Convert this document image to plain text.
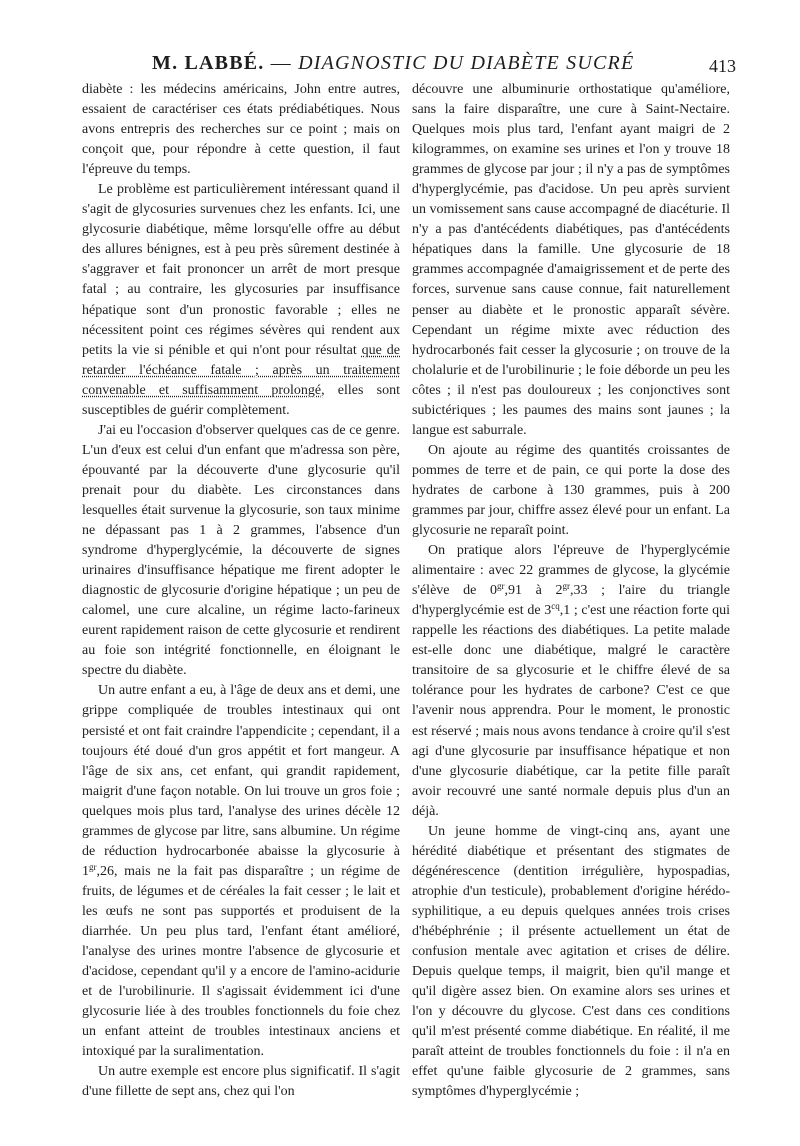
M. LABBÉ. — DIAGNOSTIC DU DIABÈTE SUCRÉ	413

diabète : les médecins américains, John entre autres, essaient de caractériser ces états prédiabétiques. Nous avons entrepris des recherches sur ce point ; mais on conçoit que, pour répondre à cette question, il faut l'épreuve du temps.

Le problème est particulièrement intéressant quand il s'agit de glycosuries survenues chez les enfants. Ici, une glycosurie diabétique, même lorsqu'elle offre au début des allures bénignes, est à peu près sûrement destinée à s'aggraver et fait prononcer un arrêt de mort presque fatal ; au contraire, les glycosuries par insuffisance hépatique sont d'un pronostic favorable ; elles ne nécessitent point ces régimes sévères qui rendent aux petits la vie si pénible et qui n'ont pour résultat que de retarder l'échéance fatale ; après un traitement convenable et suffisamment prolongé, elles sont susceptibles de guérir complètement.

J'ai eu l'occasion d'observer quelques cas de ce genre. L'un d'eux est celui d'un enfant que m'adressa son père, épouvanté par la découverte d'une glycosurie qu'il prenait pour du diabète. Les circonstances dans lesquelles était survenue la glycosurie, son taux minime ne dépassant pas 1 à 2 grammes, l'absence d'un syndrome d'hyperglycémie, la découverte de signes urinaires d'insuffisance hépatique me firent adopter le diagnostic de glycosurie d'origine hépatique ; un peu de calomel, une cure alcaline, un régime lacto-farineux eurent rapidement raison de cette glycosurie et rendirent au foie son intégrité fonctionnelle, en éloignant le spectre du diabète.

Un autre enfant a eu, à l'âge de deux ans et demi, une grippe compliquée de troubles intestinaux qui ont persisté et ont fait craindre l'appendicite ; cependant, il a toujours été doué d'un gros appétit et fort mangeur. A l'âge de six ans, cet enfant, qui grandit rapidement, maigrit d'une façon notable. On lui trouve un gros foie ; quelques mois plus tard, l'analyse des urines décèle 12 grammes de glycose par litre, sans albumine. Un régime de réduction hydrocarbonée abaisse la glycosurie à $1^{gr},26$, mais ne la fait pas disparaître ; un régime de fruits, de légumes et de céréales la fait cesser ; le lait et les œufs ne sont pas supportés et produisent de la diarrhée. Un peu plus tard, l'enfant étant amélioré, l'analyse des urines montre l'absence de glycosurie et d'acidose, cependant qu'il y a encore de l'amino-acidurie et de l'urobilinurie. Il s'agissait évidemment ici d'une glycosurie liée à des troubles fonctionnels du foie chez un enfant atteint de troubles intestinaux anciens et intoxiqué par la suralimentation.

Un autre exemple est encore plus significatif. Il s'agit d'une fillette de sept ans, chez qui l'on

découvre une albuminurie orthostatique qu'améliore, sans la faire disparaître, une cure à Saint-Nectaire. Quelques mois plus tard, l'enfant ayant maigri de 2 kilogrammes, on examine ses urines et l'on y trouve 18 grammes de glycose par jour ; il n'y a pas de symptômes d'hyperglycémie, pas d'acidose. Un peu après survient un vomissement sans cause accompagné de diacéturie. Il n'y a pas d'antécédents diabétiques, pas d'antécédents hépatiques dans la famille. Une glycosurie de 18 grammes accompagnée d'amaigrissement et de perte des forces, survenue sans cause connue, fait naturellement penser au diabète et le pronostic apparaît sévère. Cependant un régime mixte avec réduction des hydrocarbonés fait cesser la glycosurie ; on trouve de la cholalurie et de l'urobilinurie ; le foie déborde un peu les côtes ; il n'est pas douloureux ; les conjonctives sont subictériques ; les paumes des mains sont jaunes ; la langue est saburrale.

On ajoute au régime des quantités croissantes de pommes de terre et de pain, ce qui porte la dose des hydrates de carbone à 130 grammes, puis à 200 grammes par jour, chiffre assez élevé pour un enfant. La glycosurie ne reparaît point.

On pratique alors l'épreuve de l'hyperglycémie alimentaire : avec 22 grammes de glycose, la glycémie s'élève de $0^{gr},91$ à $2^{gr},33$ ; l'aire du triangle d'hyperglycémie est de $3^{cq},1$ ; c'est une réaction forte qui rappelle les réactions des diabétiques. La petite malade est-elle donc une diabétique, malgré le caractère transitoire de sa glycosurie et le chiffre élevé de sa tolérance pour les hydrates de carbone? C'est ce que l'avenir nous apprendra. Pour le moment, le pronostic est réservé ; mais nous avons tendance à croire qu'il s'est agi d'une glycosurie par insuffisance hépatique et non d'une glycosurie diabétique, car la petite fille paraît avoir recouvré une santé normale depuis plus d'un an déjà.

Un jeune homme de vingt-cinq ans, ayant une hérédité diabétique et présentant des stigmates de dégénérescence (dentition irrégulière, hypospadias, atrophie d'un testicule), probablement d'origine hérédo-syphilitique, a eu depuis quelques années trois crises d'hébéphrénie ; il présente actuellement un état de confusion mentale avec agitation et crises de délire. Depuis quelque temps, il maigrit, bien qu'il mange et qu'il digère assez bien. On examine alors ses urines et l'on y découvre du glycose. C'est dans ces conditions qu'il m'est présenté comme diabétique. En réalité, il me paraît atteint de troubles fonctionnels du foie : il n'a en effet qu'une faible glycosurie de 2 grammes, sans symptômes d'hyperglycémie ;
